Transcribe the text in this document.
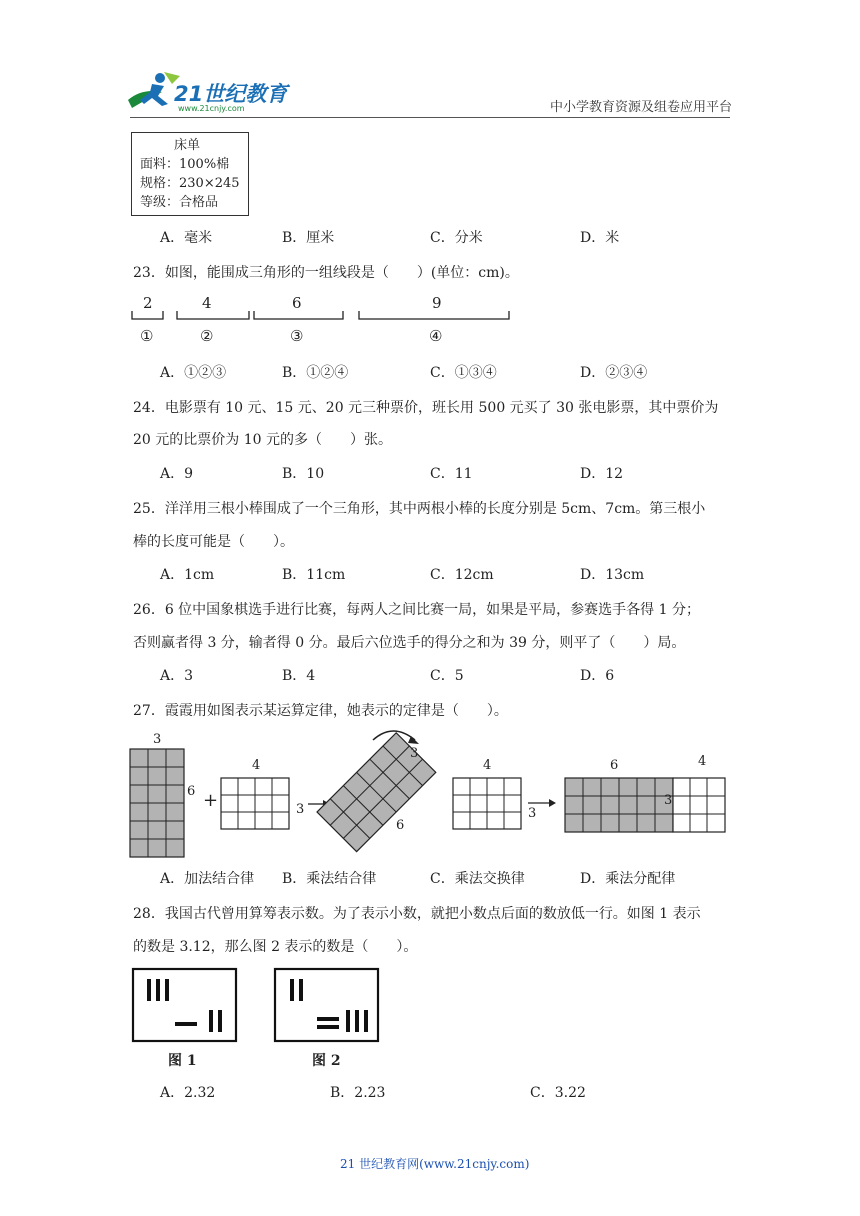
21世纪教育
www.21cnjy.com	中小学教育资源及组卷应用平台
床单
面料：100%棉
规格：230×245
等级：合格品
A．毫米	B．厘米	C．分米	D．米
23．如图，能围成三角形的一组线段是（　　）(单位：cm)。
2	4	6	9
①	②	③	④
A．①②③	B．①②④	C．①③④	D．②③④
24．电影票有 10 元、15 元、20 元三种票价，班长用 500 元买了 30 张电影票，其中票价为
20 元的比票价为 10 元的多（　　）张。
A．9	B．10	C．11	D．12
25．洋洋用三根小棒围成了一个三角形，其中两根小棒的长度分别是 5cm、7cm。第三根小
棒的长度可能是（　　）。
A．1cm	B．11cm	C．12cm	D．13cm
26．6 位中国象棋选手进行比赛，每两人之间比赛一局，如果是平局，参赛选手各得 1 分；
否则赢者得 3 分，输者得 0 分。最后六位选手的得分之和为 39 分，则平了（　　）局。
A．3	B．4	C．5	D．6
27．霞霞用如图表示某运算定律，她表示的定律是（　　）。
3
6 +
4
3
3
6
4
3
6
3
4
A．加法结合律 B．乘法结合律	C．乘法交换律	D．乘法分配律
28．我国古代曾用算筹表示数。为了表示小数，就把小数点后面的数放低一行。如图 1 表示
的数是 3.12，那么图 2 表示的数是（　　）。
图 1	图 2
A．2.32	B．2.23	C．3.22
21 世纪教育网(www.21cnjy.com)
